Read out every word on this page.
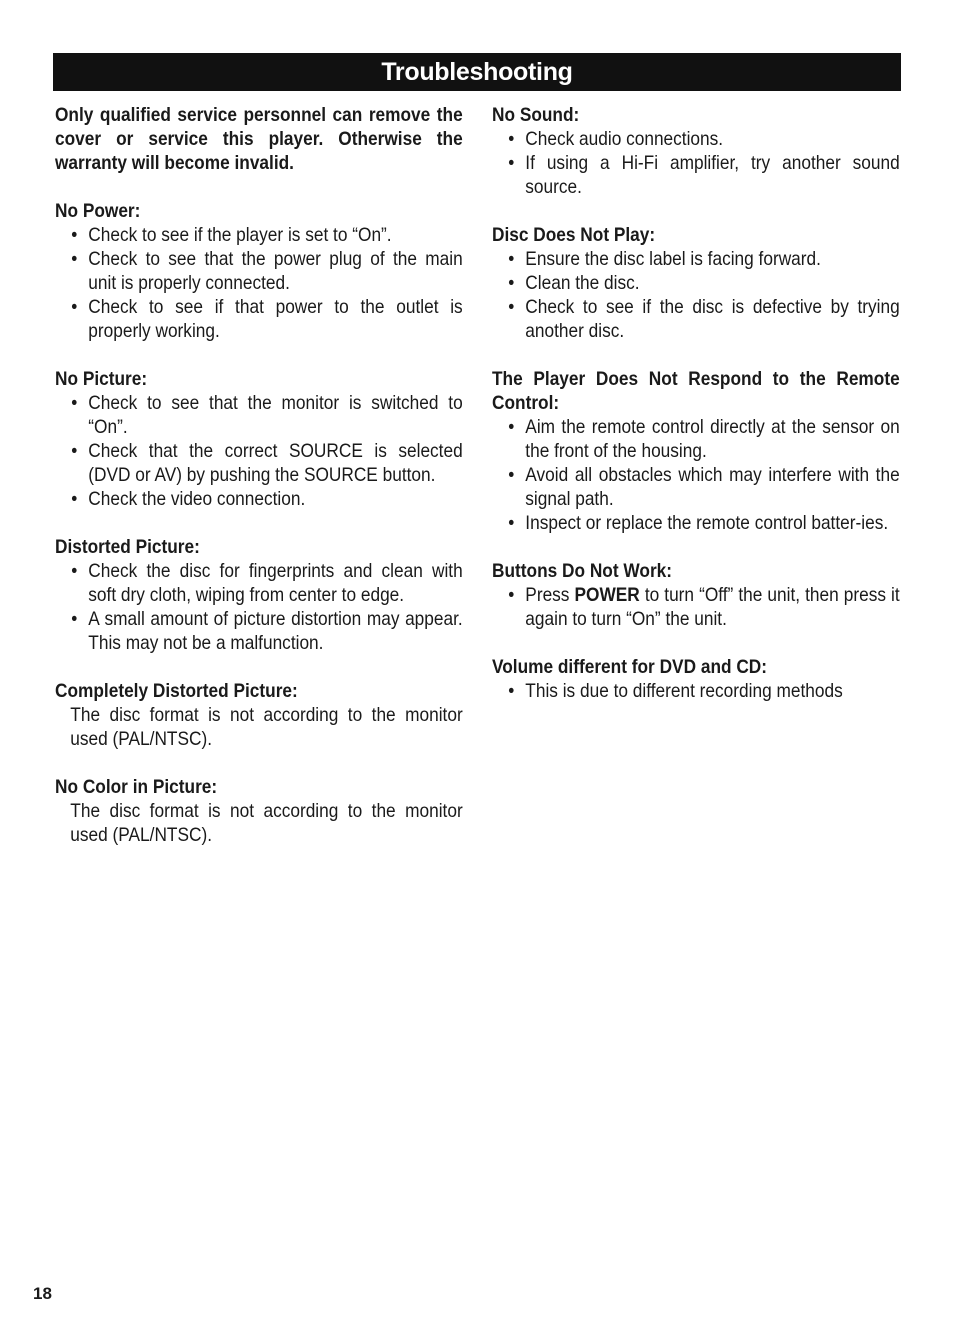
Troubleshooting

Only qualified service personnel can remove the cover or service this player. Otherwise the warranty will become invalid.

No Power:
• Check to see if the player is set to “On”.
• Check to see that the power plug of the main unit is properly connected.
• Check to see if that power to the outlet is properly working.
No Picture:
• Check to see that the monitor is switched to “On”.
• Check that the correct SOURCE is selected (DVD or AV) by pushing the SOURCE button.
• Check the video connection.
Distorted Picture:
• Check the disc for fingerprints and clean with soft dry cloth, wiping from center to edge.
• A small amount of picture distortion may appear. This may not be a malfunction.
Completely Distorted Picture:

The disc format is not according to the monitor used (PAL/NTSC).

No Color in Picture:

The disc format is not according to the monitor used (PAL/NTSC).

No Sound:
• Check audio connections.
• If using a Hi-Fi amplifier, try another sound source.
Disc Does Not Play:
• Ensure the disc label is facing forward.
• Clean the disc.
• Check to see if the disc is defective by trying another disc.
The Player Does Not Respond to the Remote Control:
• Aim the remote control directly at the sensor on the front of the housing.
• Avoid all obstacles which may interfere with the signal path.
• Inspect or replace the remote control batter-ies.
Buttons Do Not Work:
• Press POWER to turn “Off” the unit, then press it again to turn “On” the unit.
Volume different for DVD and CD:
• This is due to different recording methods
18
